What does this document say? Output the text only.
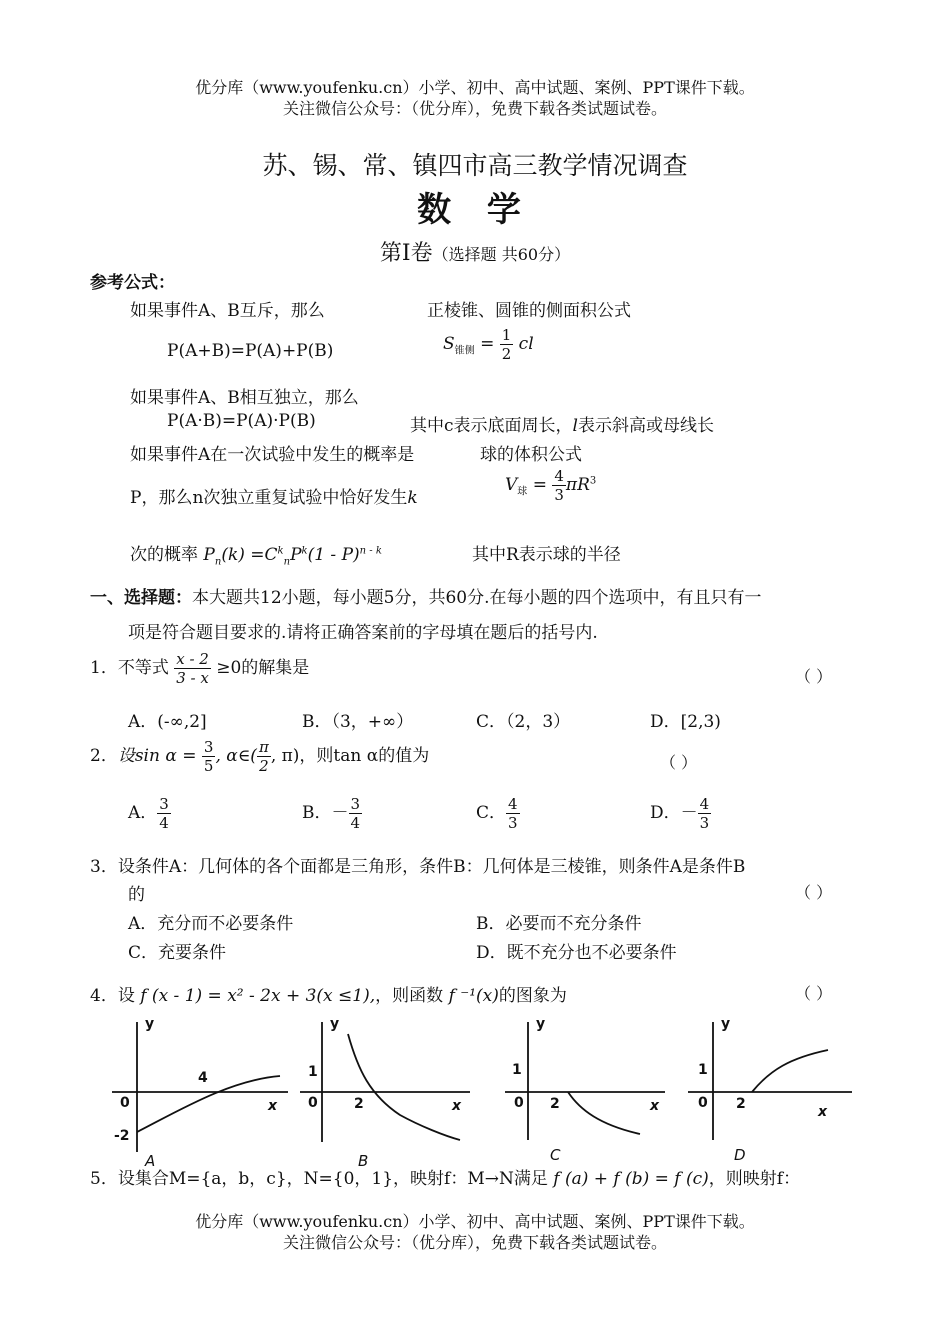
优分库（www.youfenku.cn）小学、初中、高中试题、案例、PPT课件下载。
关注微信公众号：（优分库），免费下载各类试题试卷。
苏、锡、常、镇四市高三教学情况调查
数 学
第Ⅰ卷（选择题 共60分）
参考公式：
如果事件A、B互斥，那么	正棱锥、圆锥的侧面积公式
P(A+B)=P(A)+P(B)	$S_{锥侧} = \frac{1}{2}$ cl
如果事件A、B相互独立，那么
P(A·B)=P(A)·P(B)	其中c表示底面周长，l表示斜高或母线长
如果事件A在一次试验中发生的概率是	球的体积公式
P，那么n次独立重复试验中恰好发生k
$V_球 = \frac{4}{3} \pi R^3$
次的概率 $P_n(k) =C^k_nP^k(1 - P)^{n - k}$	其中R表示球的半径
一、选择题：本大题共12小题，每小题5分，共60分.在每小题的四个选项中，有且只有一
项是符合题目要求的.请将正确答案前的字母填在题后的括号内.
1．不等式 $\frac{x - 2}{3 - x} \ge 0$的解集是	（ ）
A．(-∞,2]	B．（3，+∞）	C．（2，3）	D．[2,3)
2．设$\sin \alpha = \frac{3}{5}$ , α∈( $\frac{\pi}{2}$ , π)，则tan α的值为	（ ）
A． $\frac{3}{4}$	B．－ $\frac{3}{4}$	C． $\frac{4}{3}$	D．－ $\frac{4}{3}$
3．设条件A：几何体的各个面都是三角形，条件B：几何体是三棱锥，则条件A是条件B
的	（ ）
A．充分而不必要条件	B．必要而不充分条件
C．充要条件	D．既不充分也不必要条件
4．设 f (x - 1) = x² - 2x + 3(x ≤1),，则函数 f ⁻¹(x)的图象为	（ ）
y
x
0
4
-2
A
y
x
0
1
2
B
y
x
0
1
2
C
y
x
0
1
2
D
5．设集合M={a，b，c}，N={0，1}，映射f：M→N满足 f (a) + f (b) = f (c)，则映射f：
优分库（www.youfenku.cn）小学、初中、高中试题、案例、PPT课件下载。
关注微信公众号：（优分库），免费下载各类试题试卷。
